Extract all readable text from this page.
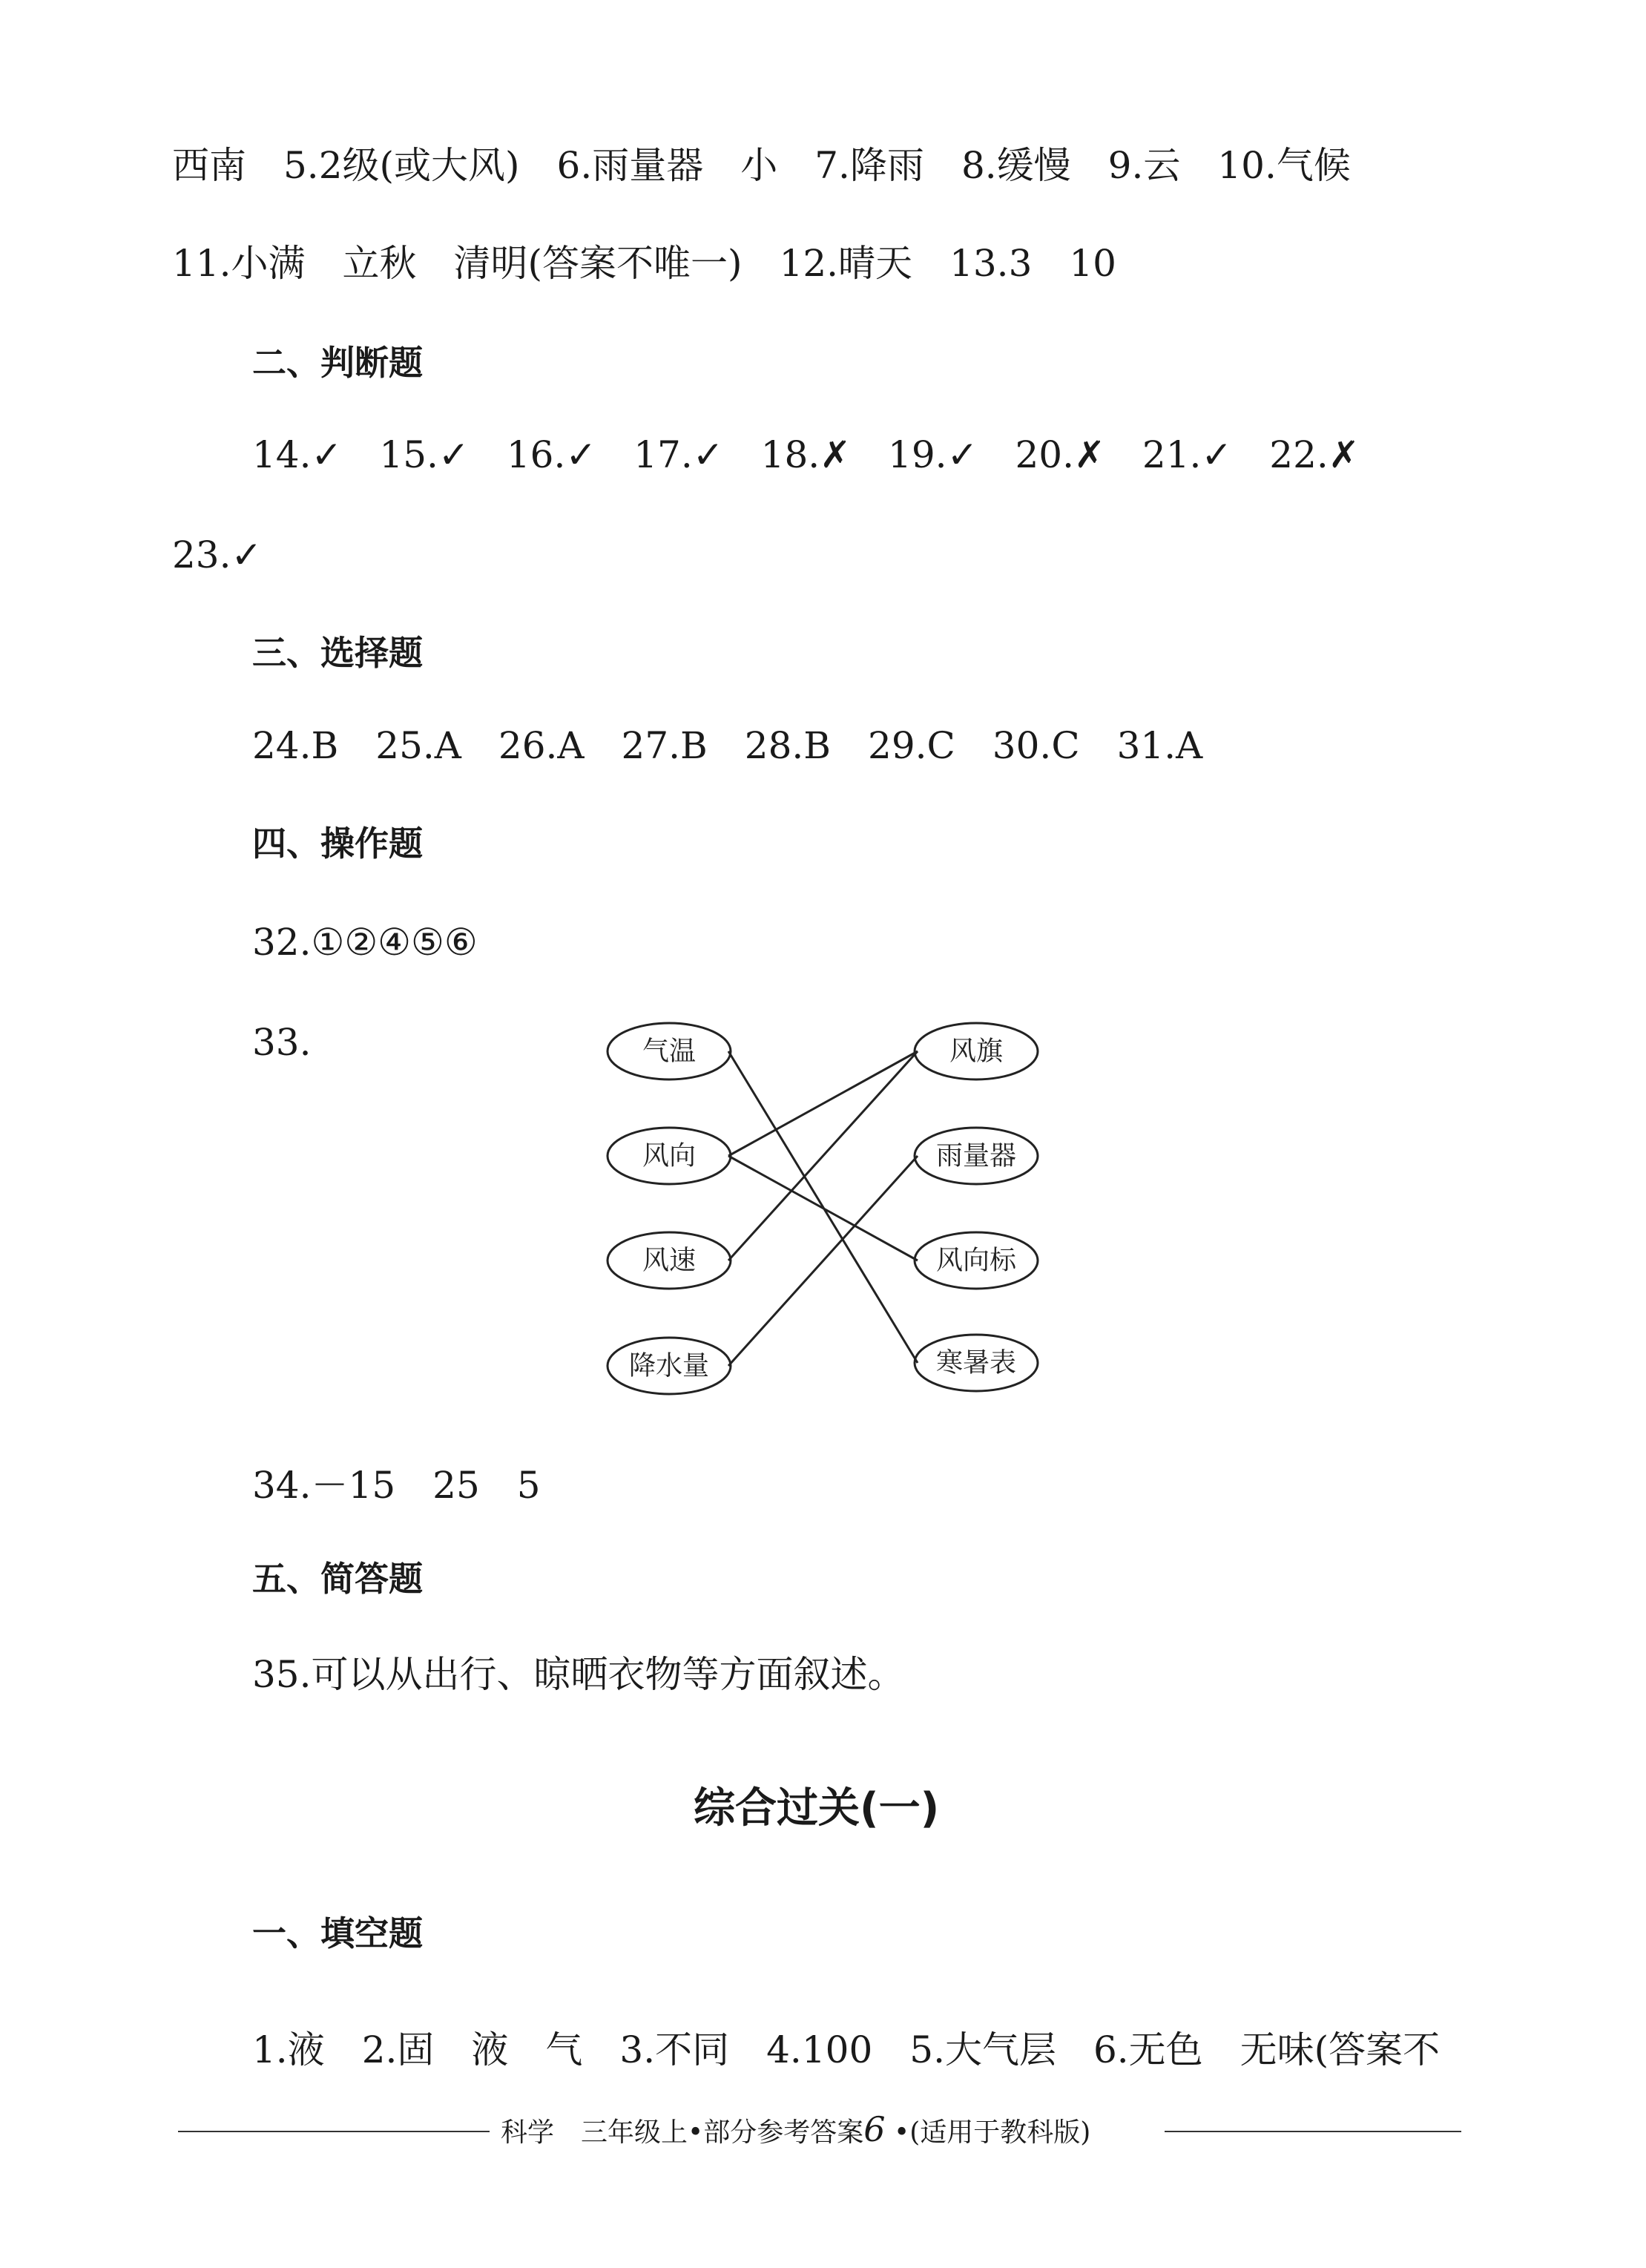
西南　5.2级(或大风)　6.雨量器　小　7.降雨　8.缓慢　9.云　10.气候
11.小满　立秋　清明(答案不唯一)　12.晴天　13.3　10
二、判断题
14.✓　15.✓　16.✓　17.✓　18.✗　19.✓　20.✗　21.✓　22.✗
23.✓
三、选择题
24.B　25.A　26.A　27.B　28.B　29.C　30.C　31.A
四、操作题
32.①②④⑤⑥
33.	气温
风向
风速
降水量
风旗
雨量器
风向标
寒暑表
34.－15　25　5
五、简答题
35.可以从出行、晾晒衣物等方面叙述。
综合过关(一)
一、填空题
1.液　2.固　液　气　3.不同　4.100　5.大气层　6.无色　无味(答案不
科学　三年级上•部分参考答案6 •(适用于教科版)
